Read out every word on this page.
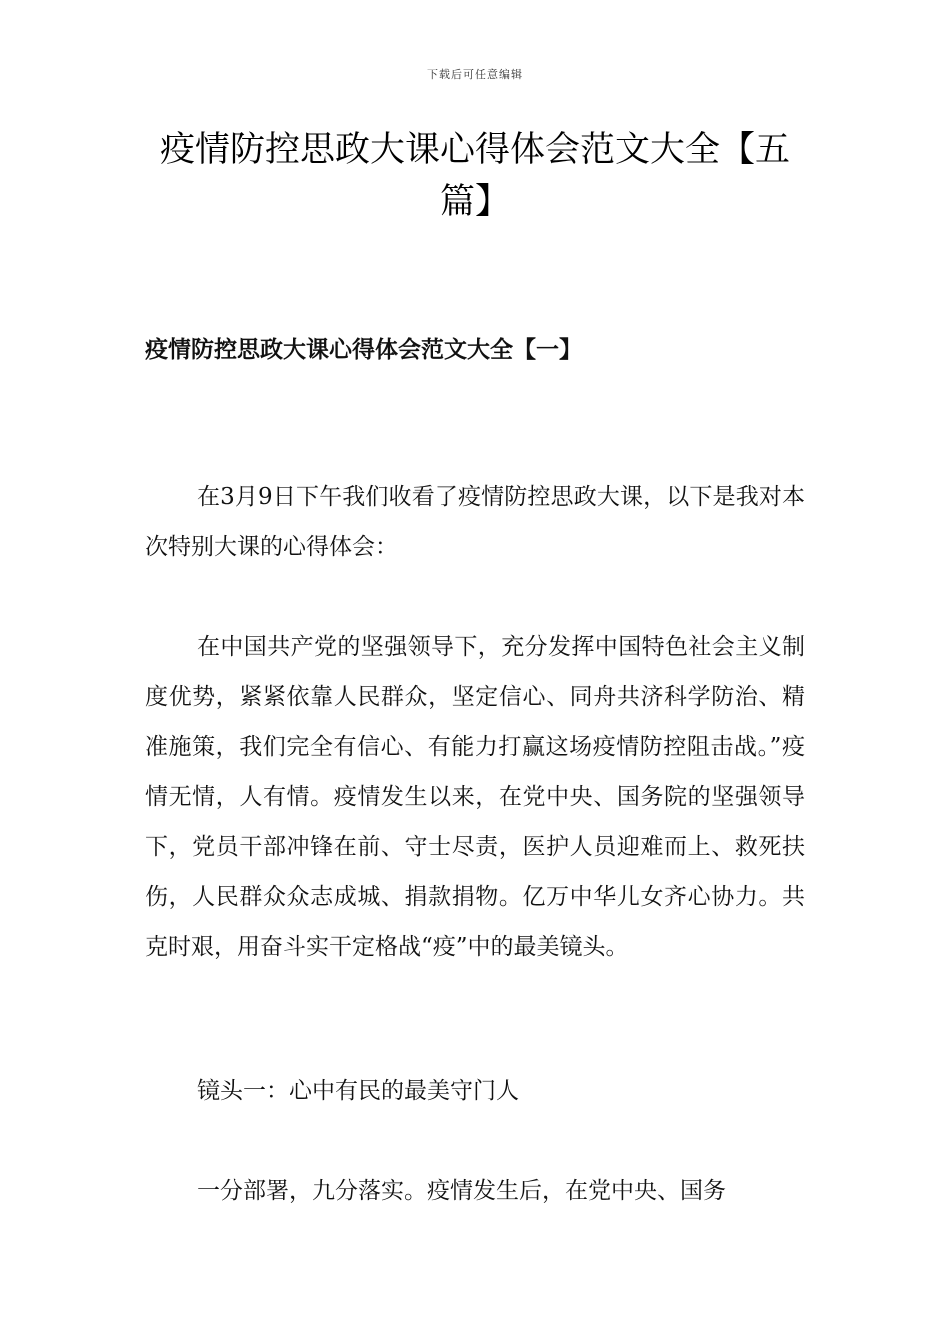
下载后可任意编辑
疫情防控思政大课心得体会范文大全【五篇】
疫情防控思政大课心得体会范文大全【一】

在3月9日下午我们收看了疫情防控思政大课，以下是我对本次特别大课的心得体会：

在中国共产党的坚强领导下，充分发挥中国特色社会主义制度优势，紧紧依靠人民群众，坚定信心、同舟共济科学防治、精准施策，我们完全有信心、有能力打赢这场疫情防控阻击战。”疫情无情，人有情。疫情发生以来，在党中央、国务院的坚强领导下，党员干部冲锋在前、守士尽责，医护人员迎难而上、救死扶伤，人民群众众志成城、捐款捐物。亿万中华儿女齐心协力。共克时艰，用奋斗实干定格战“疫”中的最美镜头。

镜头一：心中有民的最美守门人

一分部署，九分落实。疫情发生后，在党中央、国务
